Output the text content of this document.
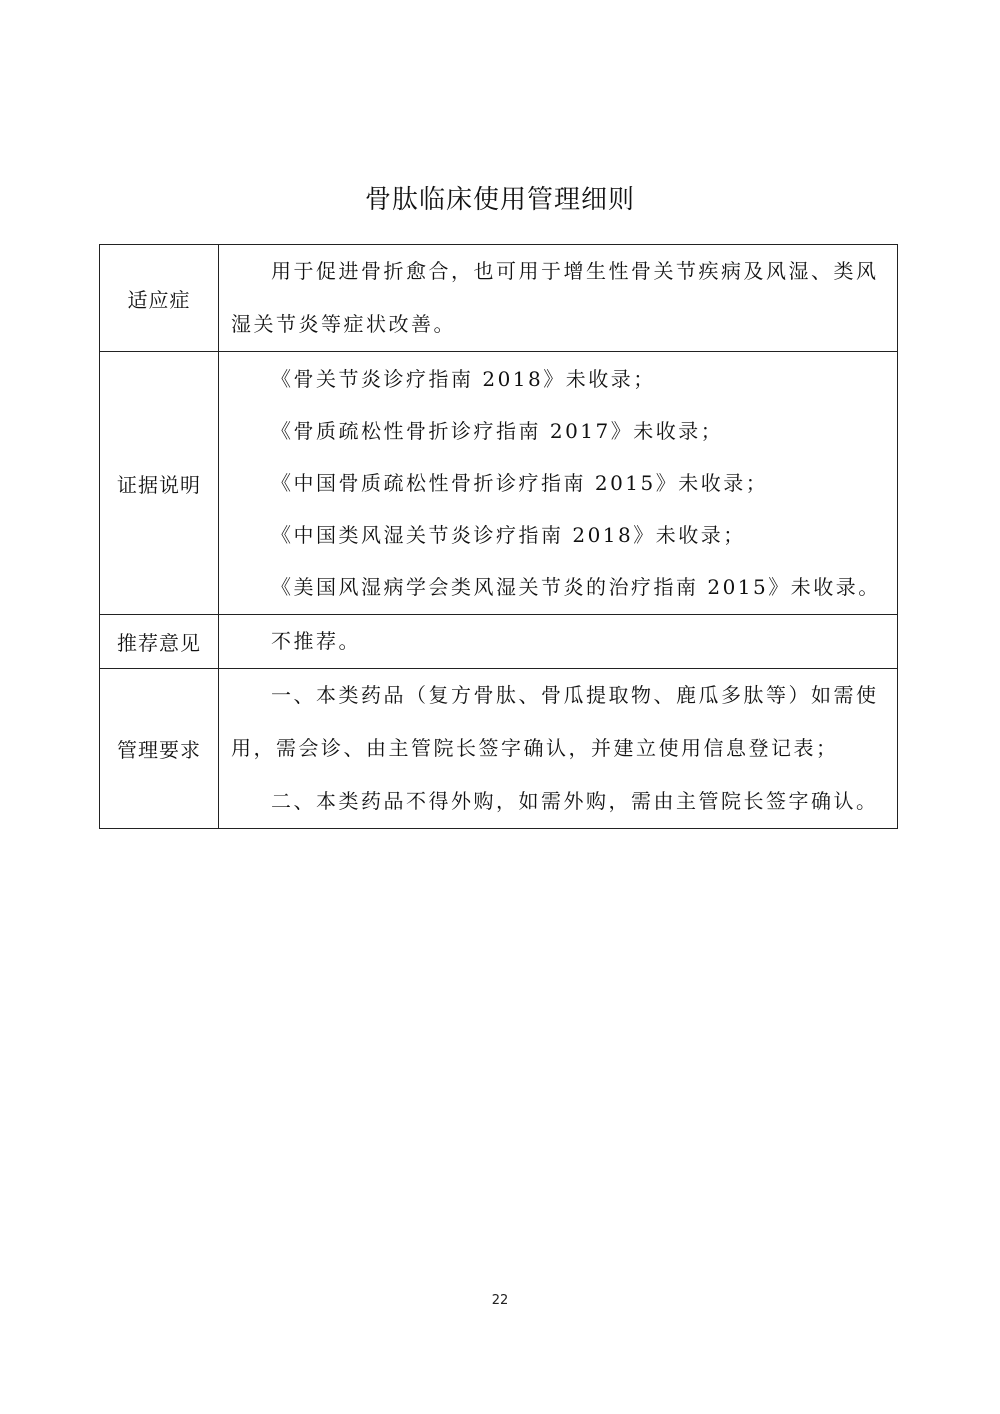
骨肽临床使用管理细则
适应症	用于促进骨折愈合，也可用于增生性骨关节疾病及风湿、类风湿关节炎等症状改善。

证据说明	《骨关节炎诊疗指南 2018》未收录；

《骨质疏松性骨折诊疗指南 2017》未收录；

《中国骨质疏松性骨折诊疗指南 2015》未收录；

《中国类风湿关节炎诊疗指南 2018》未收录；

《美国风湿病学会类风湿关节炎的治疗指南 2015》未收录。

推荐意见	不推荐。

管理要求	一、本类药品（复方骨肽、骨瓜提取物、鹿瓜多肽等）如需使用，需会诊、由主管院长签字确认，并建立使用信息登记表；

二、本类药品不得外购，如需外购，需由主管院长签字确认。

22
